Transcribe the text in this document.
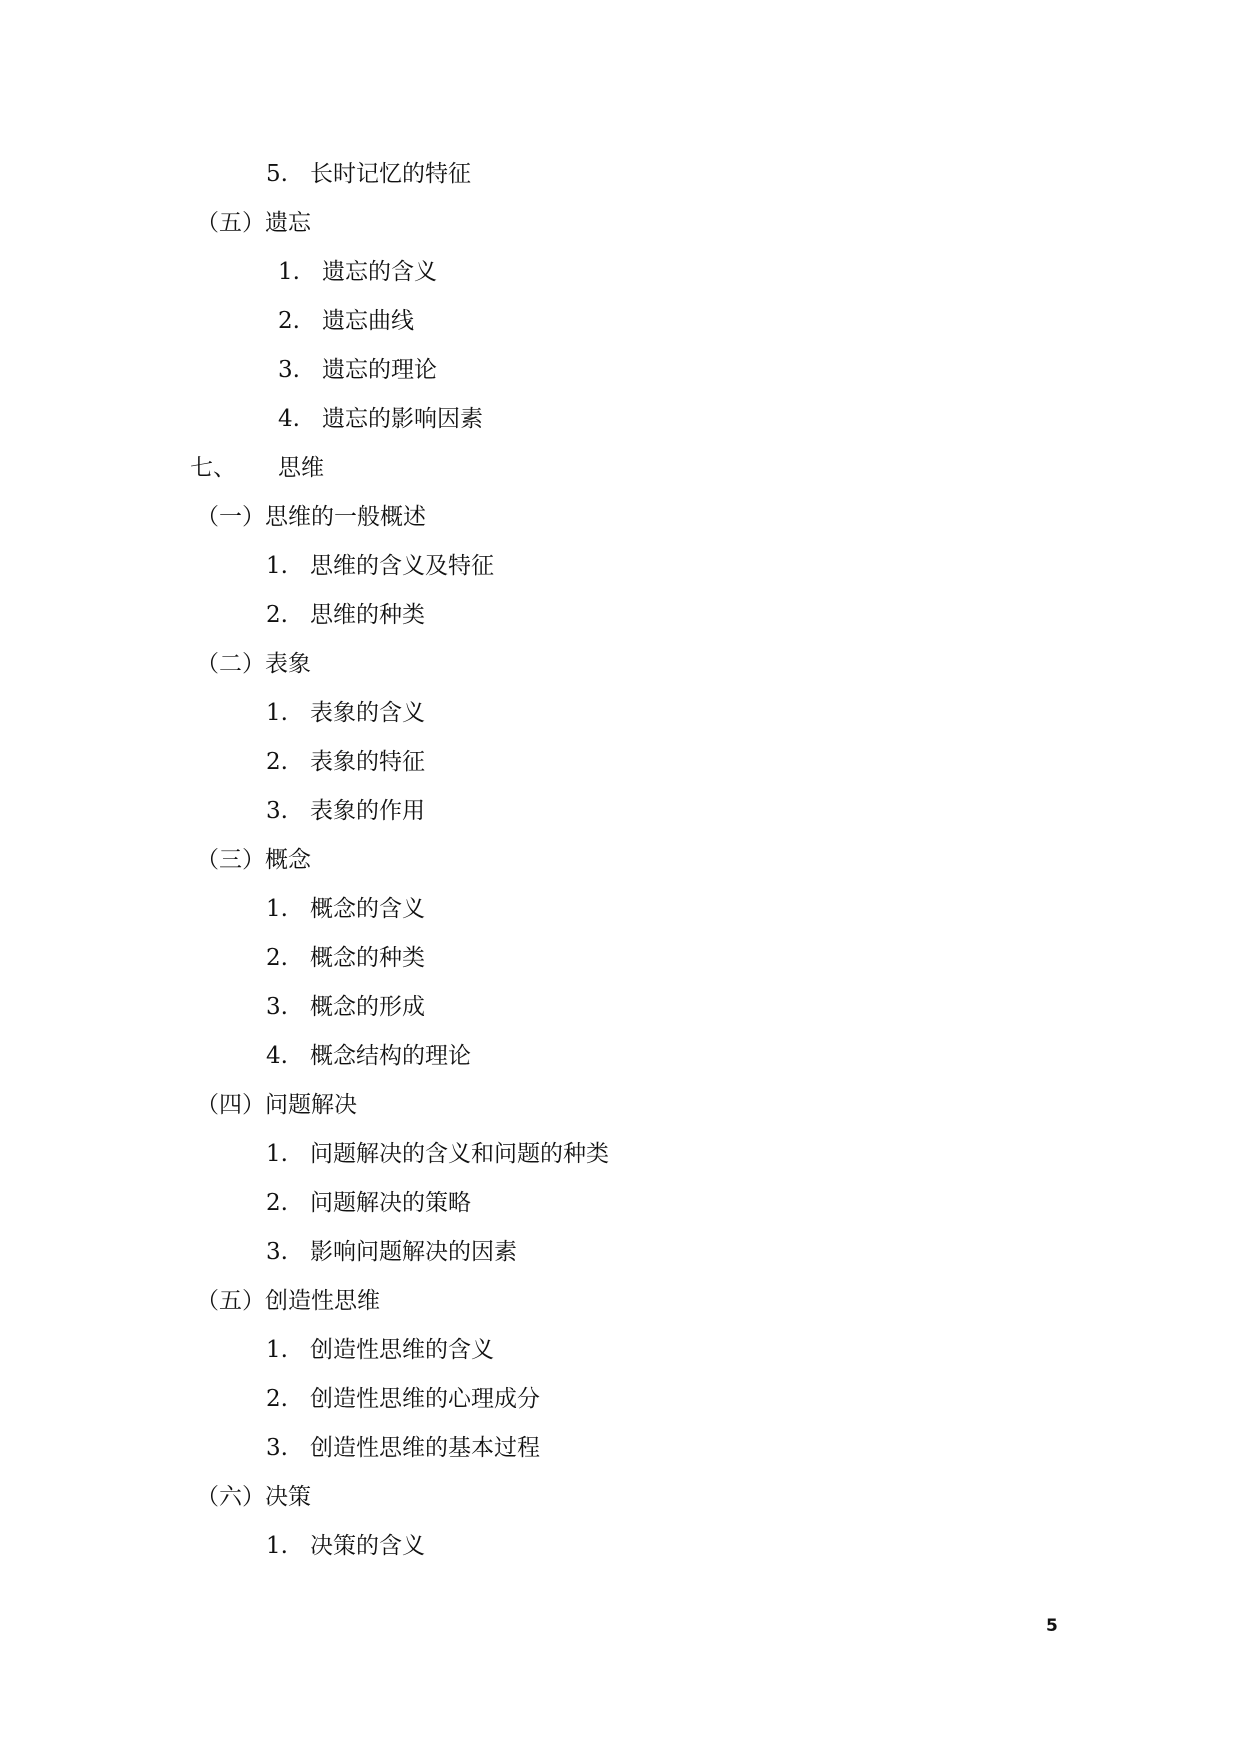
5. 长时记忆的特征
（五）遗忘
1. 遗忘的含义
2. 遗忘曲线
3. 遗忘的理论
4. 遗忘的影响因素
七、 思维
（一）思维的一般概述
1. 思维的含义及特征
2. 思维的种类
（二）表象
1. 表象的含义
2. 表象的特征
3. 表象的作用
（三）概念
1. 概念的含义
2. 概念的种类
3. 概念的形成
4. 概念结构的理论
（四）问题解决
1. 问题解决的含义和问题的种类
2. 问题解决的策略
3. 影响问题解决的因素
（五）创造性思维
1. 创造性思维的含义
2. 创造性思维的心理成分
3. 创造性思维的基本过程
（六）决策
1. 决策的含义
5
